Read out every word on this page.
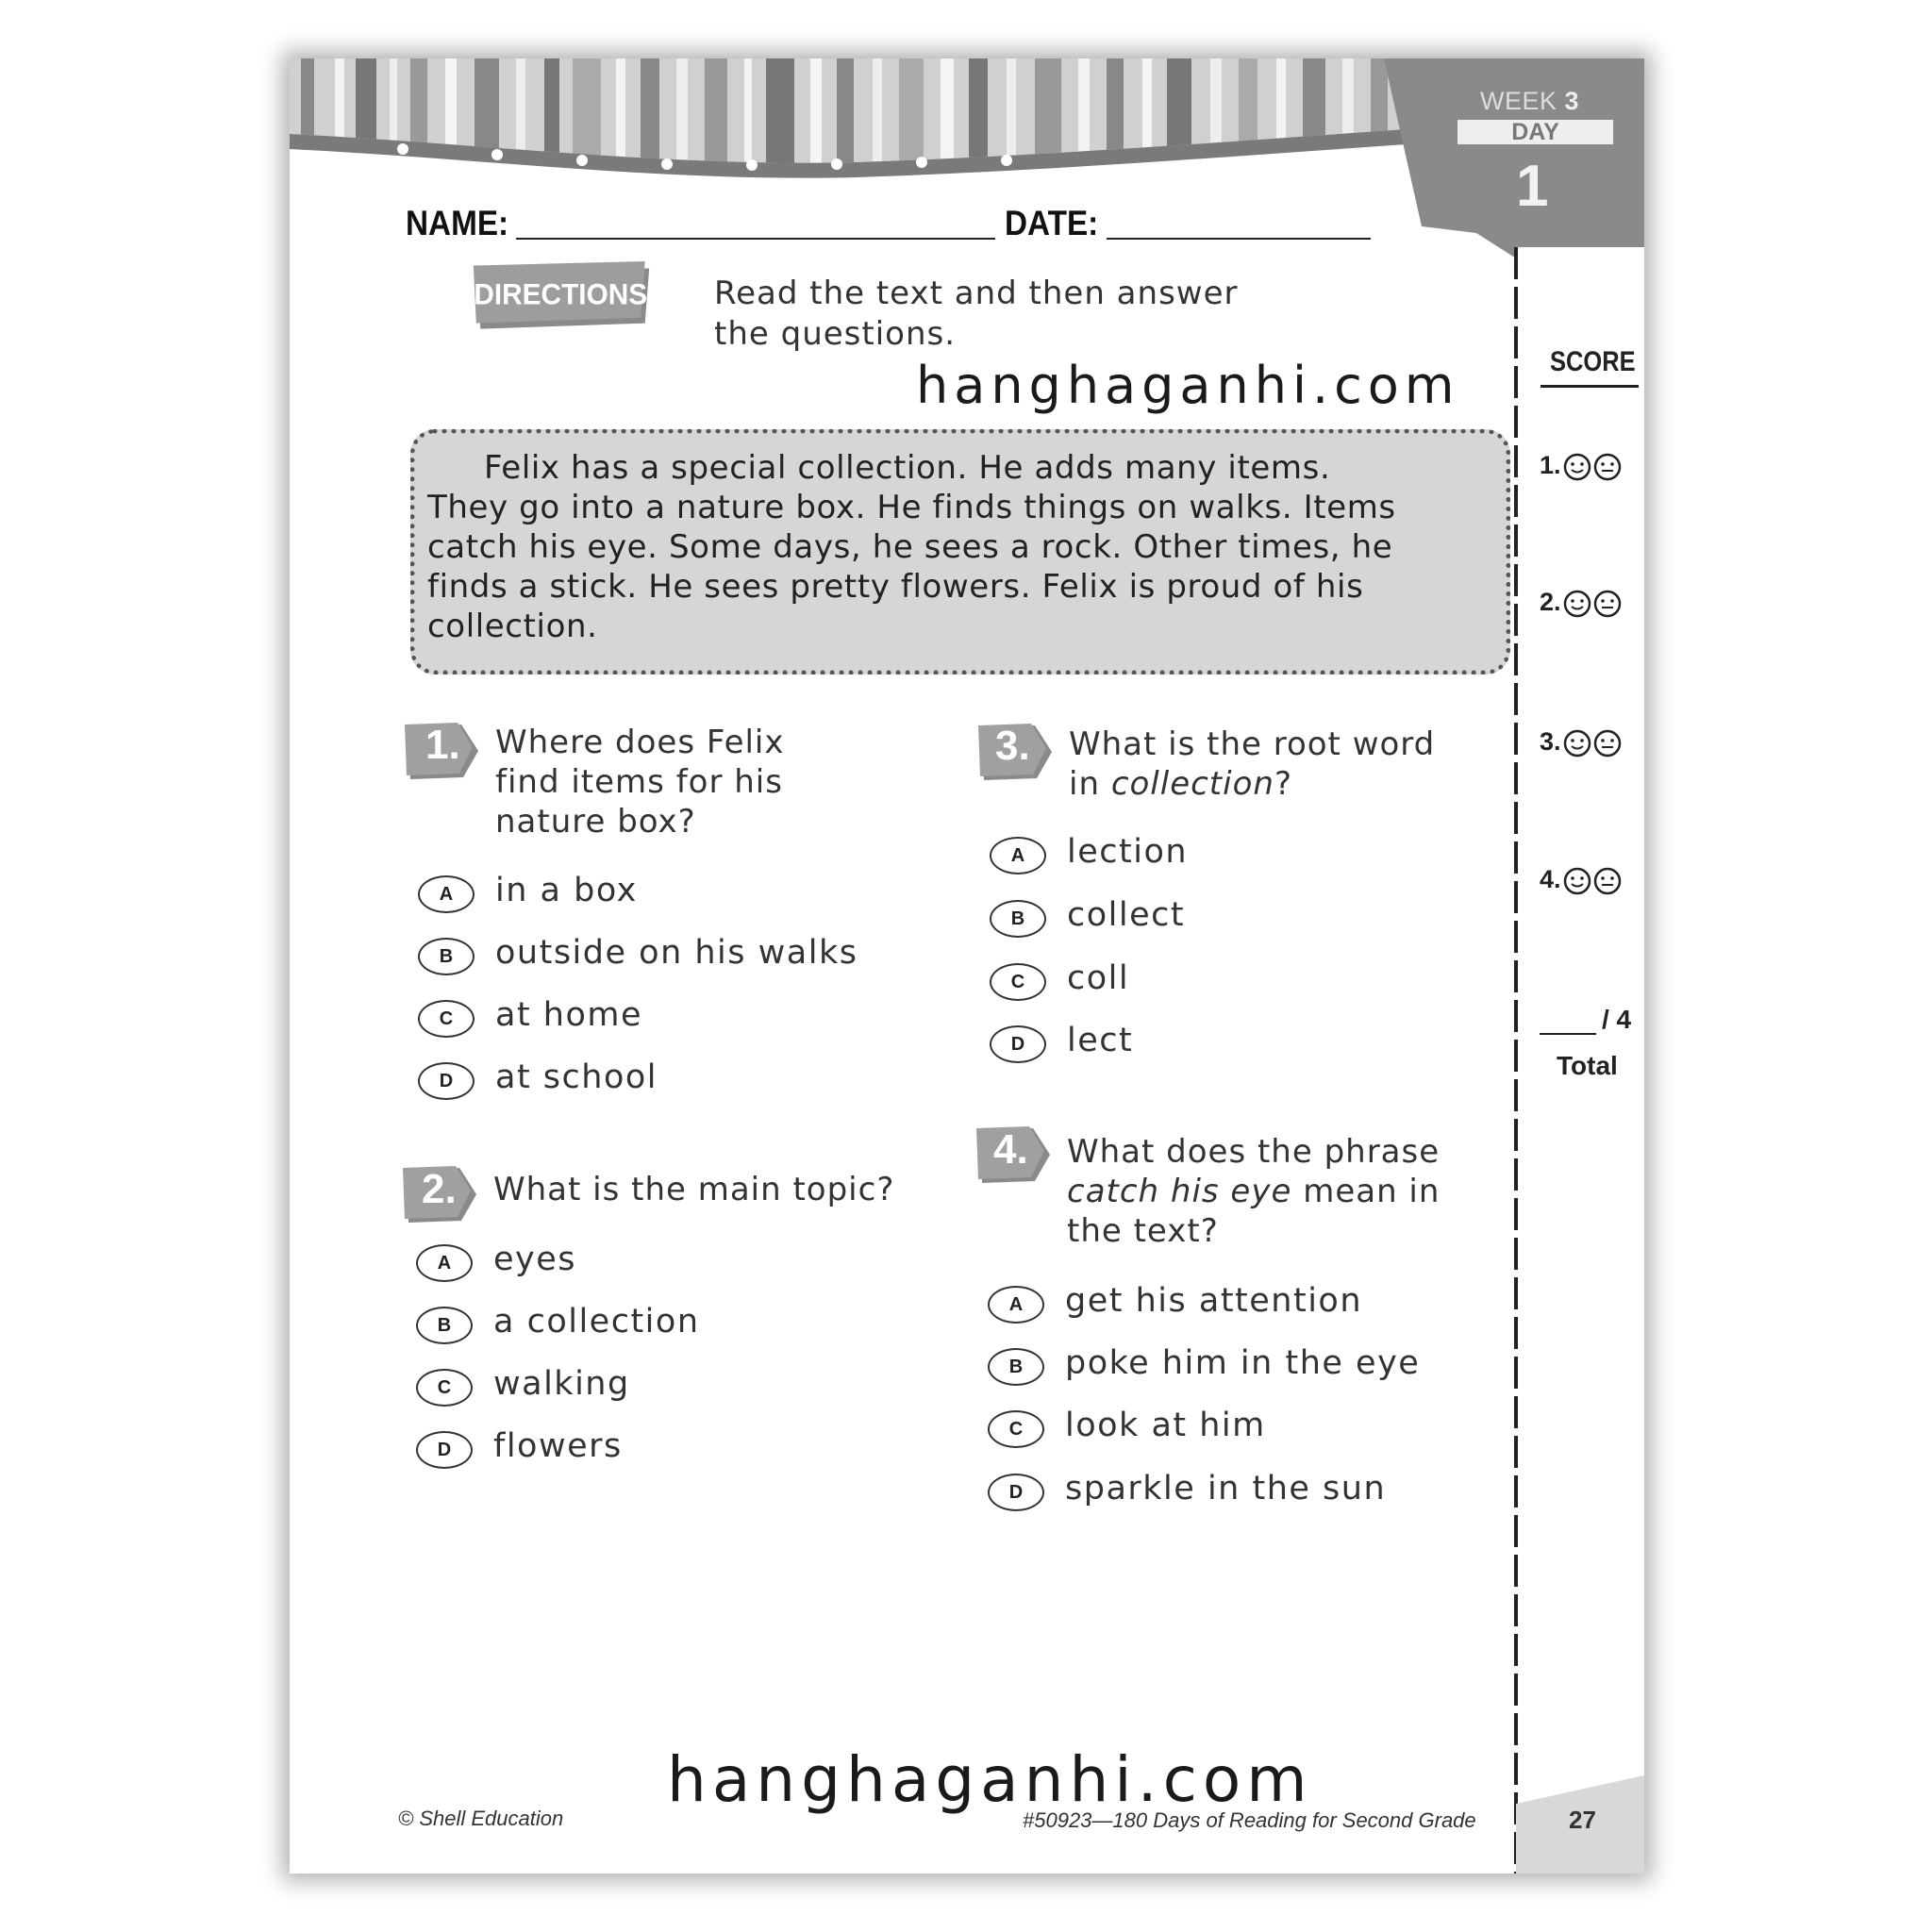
WEEK 3
DAY
1
NAME:	DATE:
DIRECTIONS Read the text and then answer
the questions.
hanghaganhi.com
Felix has a special collection. He adds many items.
They go into a nature box. He finds things on walks. Items
catch his eye. Some days, he sees a rock. Other times, he
finds a stick. He sees pretty flowers. Felix is proud of his
collection.
1. Where does Felix
find items for his
nature box?
A	in a box
B	outside on his walks
C	at home
D	at school
2. What is the main topic?
A	eyes
B	a collection
C	walking
D	flowers
3. What is the root word
in collection?
A	lection
B	collect
C	coll
D	lect
4. What does the phrase
catch his eye mean in
the text?
A	get his attention
B	poke him in the eye
C	look at him
D	sparkle in the sun
SCORE
1.
2.
3.
4.
/ 4
Total
hanghaganhi.com
© Shell Education	#50923—180 Days of Reading for Second Grade	27
